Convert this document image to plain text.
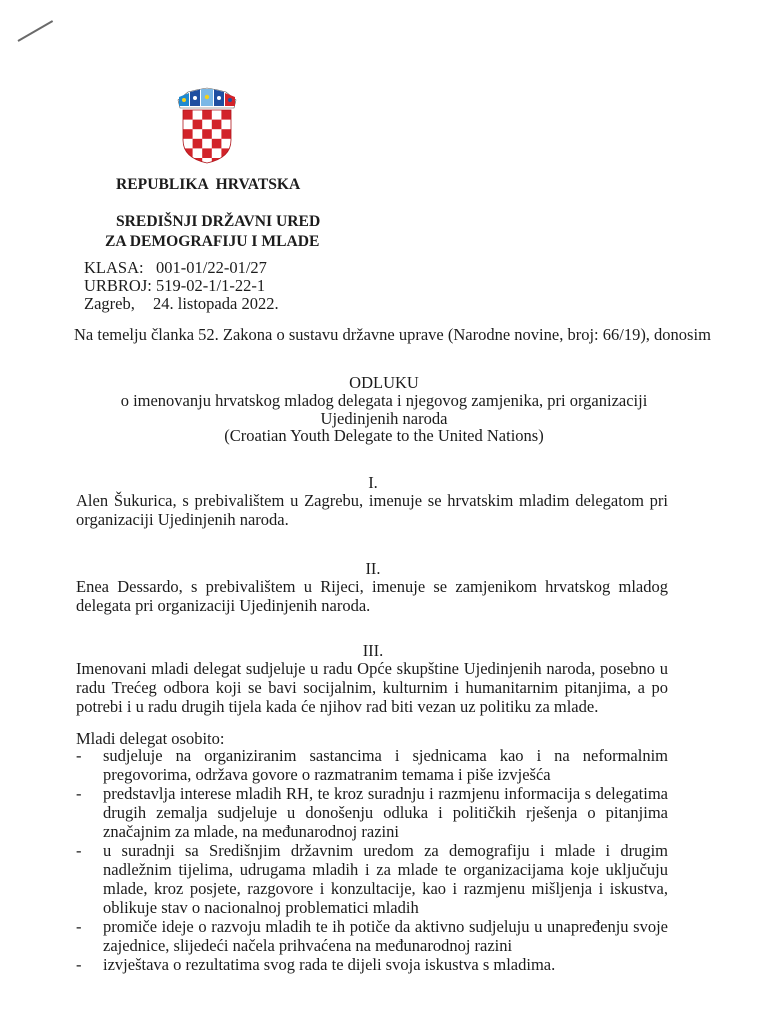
REPUBLIKA  HRVATSKA
SREDIŠNJI DRŽAVNI URED
ZA DEMOGRAFIJU I MLADE
KLASA: 001-01/22-01/27
URBROJ: 519-02-1/1-22-1
Zagreb,	24. listopada 2022.
Na temelju članka 52. Zakona o sustavu državne uprave (Narodne novine, broj: 66/19), donosim
ODLUKU
o imenovanju hrvatskog mladog delegata i njegovog zamjenika, pri organizaciji
Ujedinjenih naroda
(Croatian Youth Delegate to the United Nations)
I.
Alen Šukurica, s prebivalištem u Zagrebu, imenuje se hrvatskim mladim delegatom pri organizaciji Ujedinjenih naroda.
II.
Enea Dessardo, s prebivalištem u Rijeci, imenuje se zamjenikom hrvatskog mladog delegata pri organizaciji Ujedinjenih naroda.
III.
Imenovani mladi delegat sudjeluje u radu Opće skupštine Ujedinjenih naroda, posebno u radu Trećeg odbora koji se bavi socijalnim, kulturnim i humanitarnim pitanjima, a po potrebi i u radu drugih tijela kada će njihov rad biti vezan uz politiku za mlade.
Mladi delegat osobito:
- sudjeluje na organiziranim sastancima i sjednicama kao i na neformalnim pregovorima, održava govore o razmatranim temama i piše izvješća
- predstavlja interese mladih RH, te kroz suradnju i razmjenu informacija s delegatima drugih zemalja sudjeluje u donošenju odluka i političkih rješenja o pitanjima značajnim za mlade, na međunarodnoj razini
- u suradnji sa Središnjim državnim uredom za demografiju i mlade i drugim nadležnim tijelima, udrugama mladih i za mlade te organizacijama koje uključuju mlade, kroz posjete, razgovore i konzultacije, kao i razmjenu mišljenja i iskustva, oblikuje stav o nacionalnoj problematici mladih
- promiče ideje o razvoju mladih te ih potiče da aktivno sudjeluju u unapređenju svoje zajednice, slijedeći načela prihvaćena na međunarodnoj razini
- izvještava o rezultatima svog rada te dijeli svoja iskustva s mladima.
